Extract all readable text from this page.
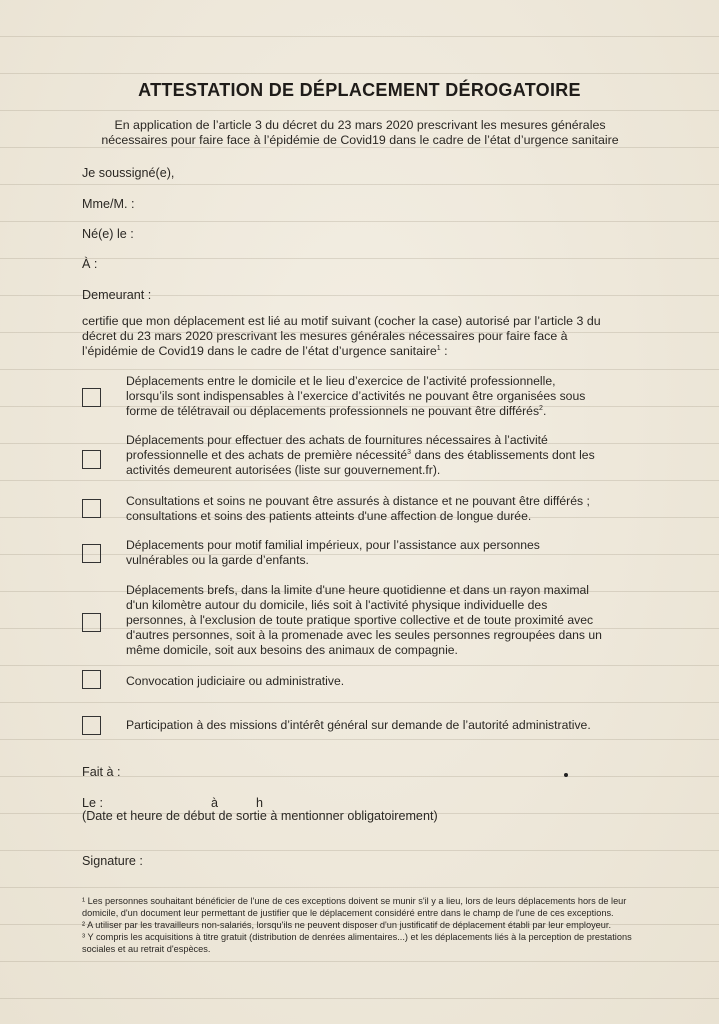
ATTESTATION DE DÉPLACEMENT DÉROGATOIRE
En application de l’article 3 du décret du 23 mars 2020 prescrivant les mesures générales
nécessaires pour faire face à l’épidémie de Covid19 dans le cadre de l’état d’urgence sanitaire
Je soussigné(e),
Mme/M. :
Né(e) le :
À :
Demeurant :
certifie que mon déplacement est lié au motif suivant (cocher la case) autorisé par l’article 3 du
décret du 23 mars 2020 prescrivant les mesures générales nécessaires pour faire face à
l’épidémie de Covid19 dans le cadre de l’état d’urgence sanitaire$^1$ :
Déplacements entre le domicile et le lieu d’exercice de l’activité professionnelle,
lorsqu’ils sont indispensables à l’exercice d’activités ne pouvant être organisées sous
forme de télétravail ou déplacements professionnels ne pouvant être différés$^2$.
Déplacements pour effectuer des achats de fournitures nécessaires à l’activité
professionnelle et des achats de première nécessité$^3$ dans des établissements dont les
activités demeurent autorisées (liste sur gouvernement.fr).
Consultations et soins ne pouvant être assurés à distance et ne pouvant être différés ;
consultations et soins des patients atteints d'une affection de longue durée.
Déplacements pour motif familial impérieux, pour l’assistance aux personnes
vulnérables ou la garde d’enfants.
Déplacements brefs, dans la limite d'une heure quotidienne et dans un rayon maximal
d'un kilomètre autour du domicile, liés soit à l'activité physique individuelle des
personnes, à l'exclusion de toute pratique sportive collective et de toute proximité avec
d'autres personnes, soit à la promenade avec les seules personnes regroupées dans un
même domicile, soit aux besoins des animaux de compagnie.
Convocation judiciaire ou administrative.
Participation à des missions d’intérêt général sur demande de l’autorité administrative.
Fait à :
Le :	à	h
(Date et heure de début de sortie à mentionner obligatoirement)
Signature :

¹ Les personnes souhaitant bénéficier de l'une de ces exceptions doivent se munir s'il y a lieu, lors de leurs déplacements hors de leur domicile, d'un document leur permettant de justifier que le déplacement considéré entre dans le champ de l'une de ces exceptions.

² A utiliser par les travailleurs non-salariés, lorsqu'ils ne peuvent disposer d'un justificatif de déplacement établi par leur employeur.

³ Y compris les acquisitions à titre gratuit (distribution de denrées alimentaires...) et les déplacements liés à la perception de prestations sociales et au retrait d'espèces.
